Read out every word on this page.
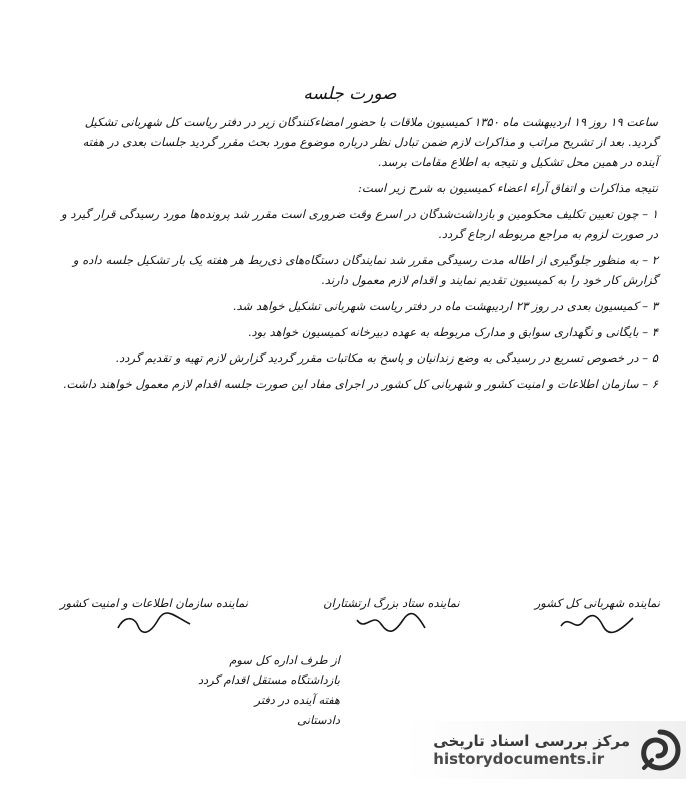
صورت جلسه

ساعت ۱۹ روز ۱۹ اردیبهشت ماه ۱۳۵۰ کمیسیون ملاقات با حضور امضاءکنندگان زیر در دفتر ریاست کل شهربانی تشکیل گردید. بعد از تشریح مراتب و مذاکرات لازم ضمن تبادل نظر درباره موضوع مورد بحث مقرر گردید جلسات بعدی در هفته آینده در همین محل تشکیل و نتیجه به اطلاع مقامات برسد.

نتیجه مذاکرات و اتفاق آراء اعضاء کمیسیون به شرح زیر است:

۱ – چون تعیین تکلیف محکومین و بازداشت‌شدگان در اسرع وقت ضروری است مقرر شد پرونده‌ها مورد رسیدگی قرار گیرد و در صورت لزوم به مراجع مربوطه ارجاع گردد.

۲ – به منظور جلوگیری از اطاله مدت رسیدگی مقرر شد نمایندگان دستگاه‌های ذی‌ربط هر هفته یک بار تشکیل جلسه داده و گزارش کار خود را به کمیسیون تقدیم نمایند و اقدام لازم معمول دارند.

۳ – کمیسیون بعدی در روز ۲۳ اردیبهشت ماه در دفتر ریاست شهربانی تشکیل خواهد شد.

۴ – بایگانی و نگهداری سوابق و مدارک مربوطه به عهده دبیرخانه کمیسیون خواهد بود.

۵ – در خصوص تسریع در رسیدگی به وضع زندانیان و پاسخ به مکاتبات مقرر گردید گزارش لازم تهیه و تقدیم گردد.

۶ – سازمان اطلاعات و امنیت کشور و شهربانی کل کشور در اجرای مفاد این صورت جلسه اقدام لازم معمول خواهند داشت.

نماینده شهربانی کل کشور
نماینده ستاد بزرگ ارتشتاران
نماینده سازمان اطلاعات و امنیت کشور

از طرف اداره کل سوم

بازداشتگاه مستقل اقدام گردد

هفته آینده در دفتر

دادستانی

مرکز بررسی اسناد تاریخی
historydocuments.ir
